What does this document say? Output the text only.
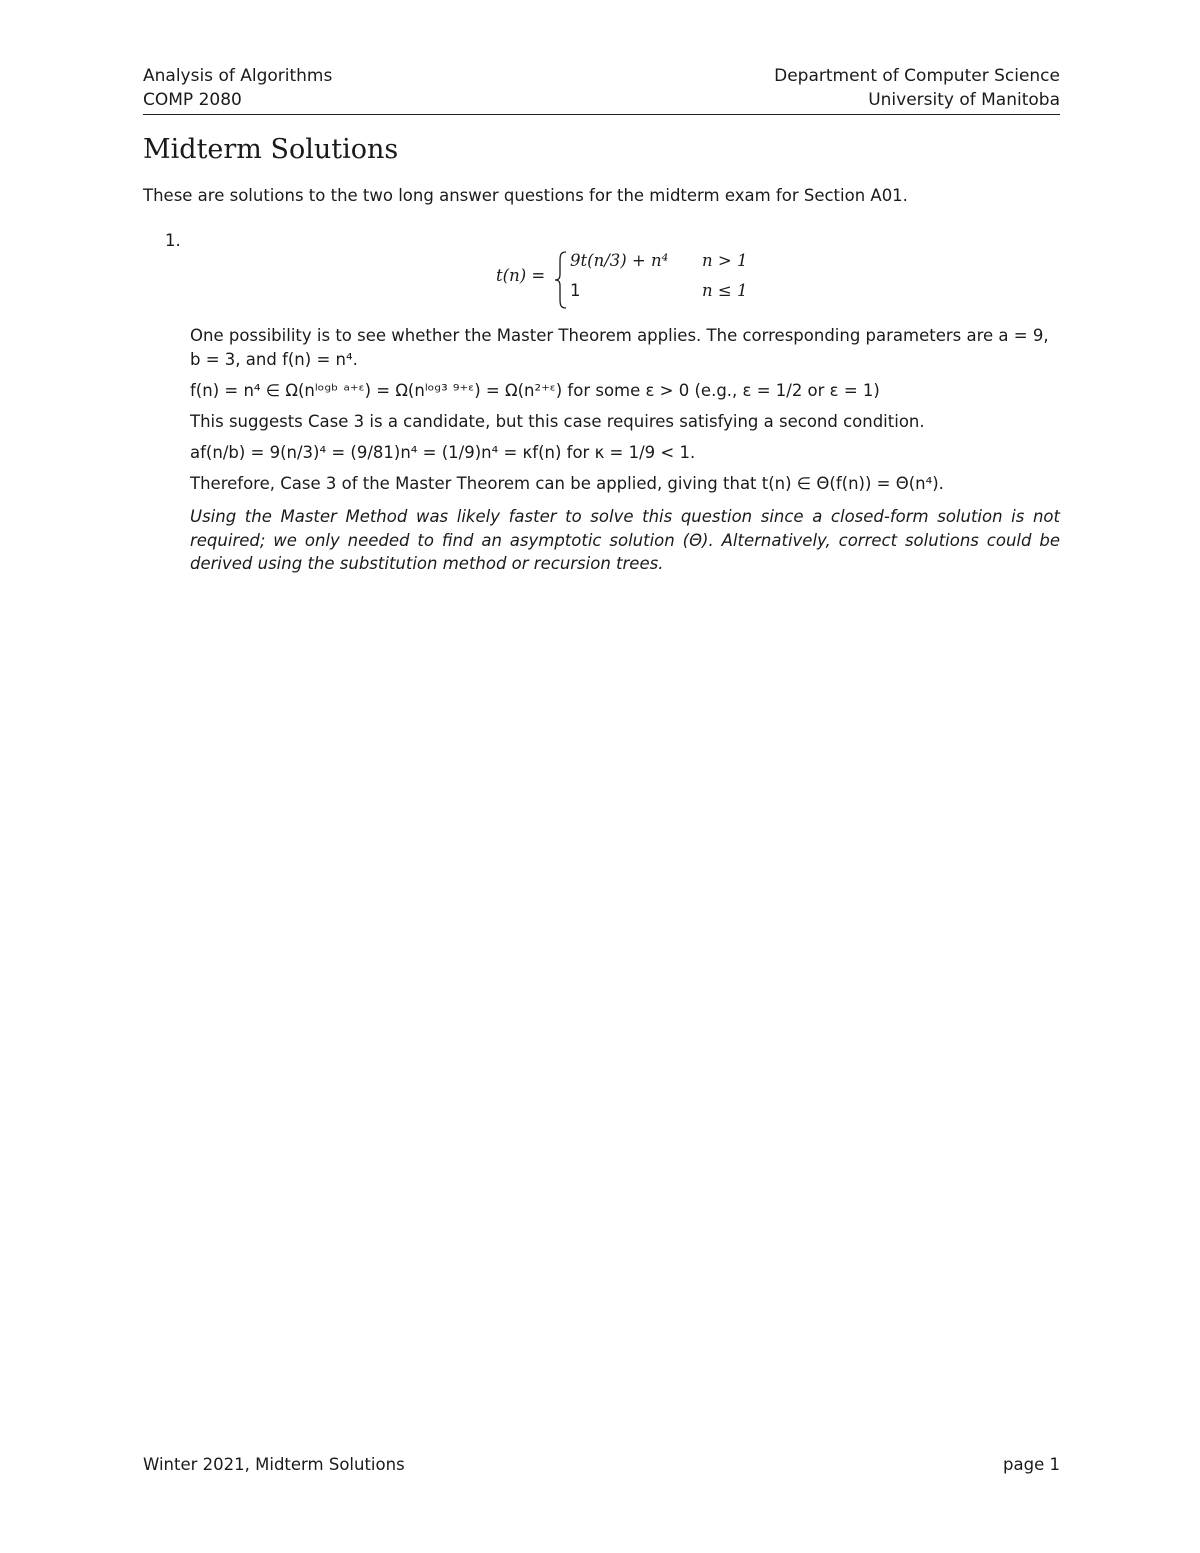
Analysis of Algorithms
COMP 2080
Department of Computer Science
University of Manitoba
Midterm Solutions
These are solutions to the two long answer questions for the midterm exam for Section A01.
1.
t(n) =
9t(n/3) + n⁴ n > 1
1	n ≤ 1
One possibility is to see whether the Master Theorem applies. The corresponding parameters are a = 9,
b = 3, and f(n) = n⁴.
f(n) = n⁴ ∈ Ω(nˡᵒᵍᵇ ᵃ⁺ᵋ) = Ω(nˡᵒᵍ³ ⁹⁺ᵋ) = Ω(n²⁺ᵋ) for some ε > 0 (e.g., ε = 1/2 or ε = 1)
This suggests Case 3 is a candidate, but this case requires satisfying a second condition.
af(n/b) = 9(n/3)⁴ = (9/81)n⁴ = (1/9)n⁴ = κf(n) for κ = 1/9 < 1.
Therefore, Case 3 of the Master Theorem can be applied, giving that t(n) ∈ Θ(f(n)) = Θ(n⁴).
Using the Master Method was likely faster to solve this question since a closed-form solution is not required; we only needed to find an asymptotic solution (Θ). Alternatively, correct solutions could be derived using the substitution method or recursion trees.
Winter 2021, Midterm Solutions	page 1
